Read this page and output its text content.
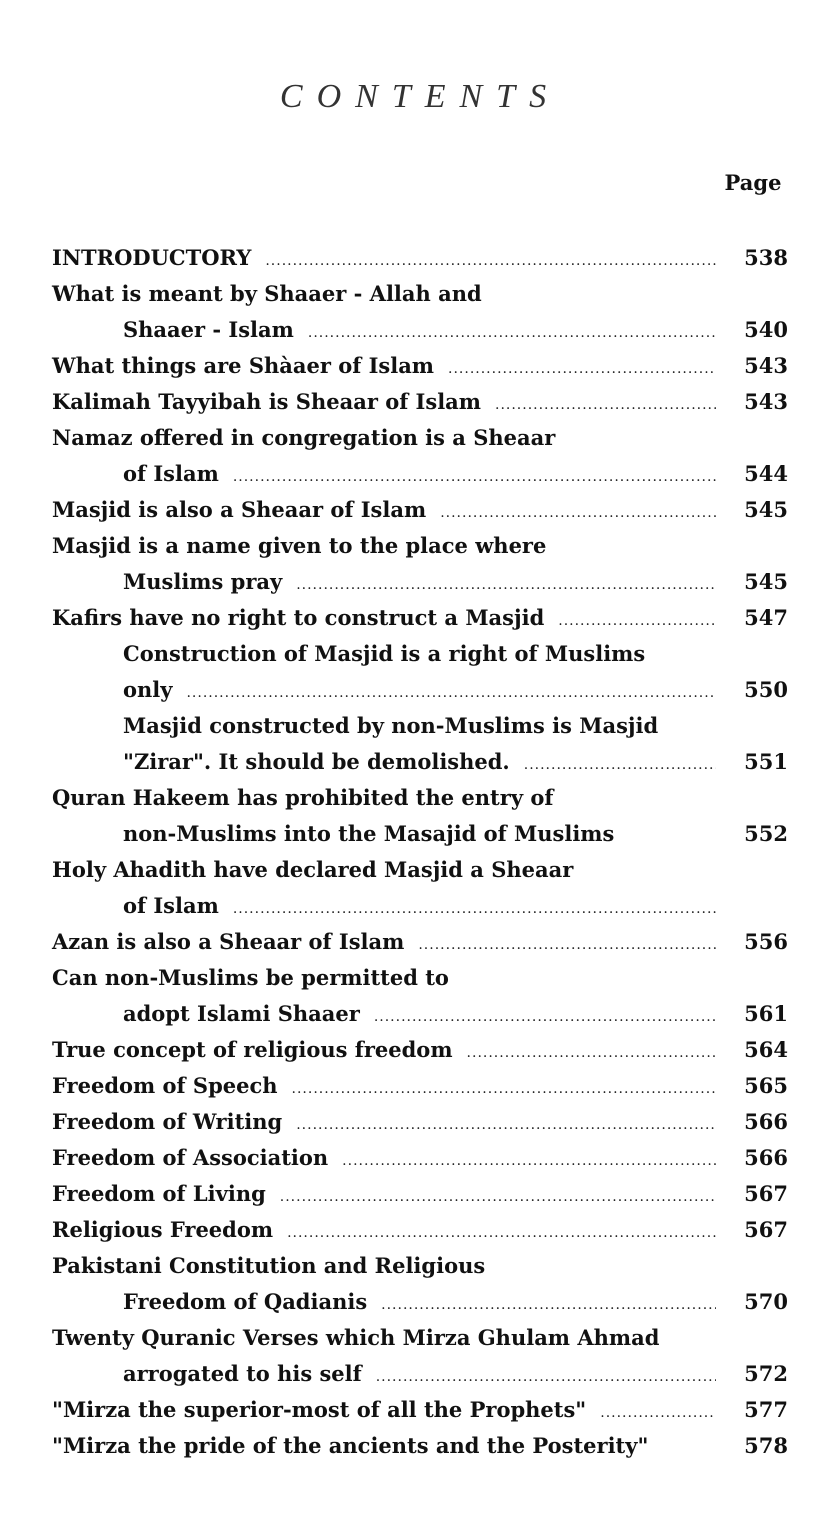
CONTENTS
Page
INTRODUCTORY .....	538
What is meant by Shaaer - Allah and
Shaaer - Islam .....	540
What things are Shàaer of Islam .....	543
Kalimah Tayyibah is Sheaar of Islam .....	543
Namaz offered in congregation is a Sheaar
of Islam .....	544
Masjid is also a Sheaar of Islam .....	545
Masjid is a name given to the place where
Muslims pray .....	545
Kafirs have no right to construct a Masjid .....	547
Construction of Masjid is a right of Muslims
only .....	550
Masjid constructed by non-Muslims is Masjid
"Zirar". It should be demolished. .....	551
Quran Hakeem has prohibited the entry of
non-Muslims into the Masajid of Muslims	552
Holy Ahadith have declared Masjid a Sheaar
of Islam
.....
Azan is also a Sheaar of Islam .....	556
Can non-Muslims be permitted to
adopt Islami Shaaer .....	561
True concept of religious freedom .....	564
Freedom of Speech .....	565
Freedom of Writing .....	566
Freedom of Association .....	566
Freedom of Living .....	567
Religious Freedom .....	567
Pakistani Constitution and Religious
Freedom of Qadianis .....	570
Twenty Quranic Verses which Mirza Ghulam Ahmad
arrogated to his self .....	572
"Mirza the superior-most of all the Prophets" .....	577
"Mirza the pride of the ancients and the Posterity"	578
